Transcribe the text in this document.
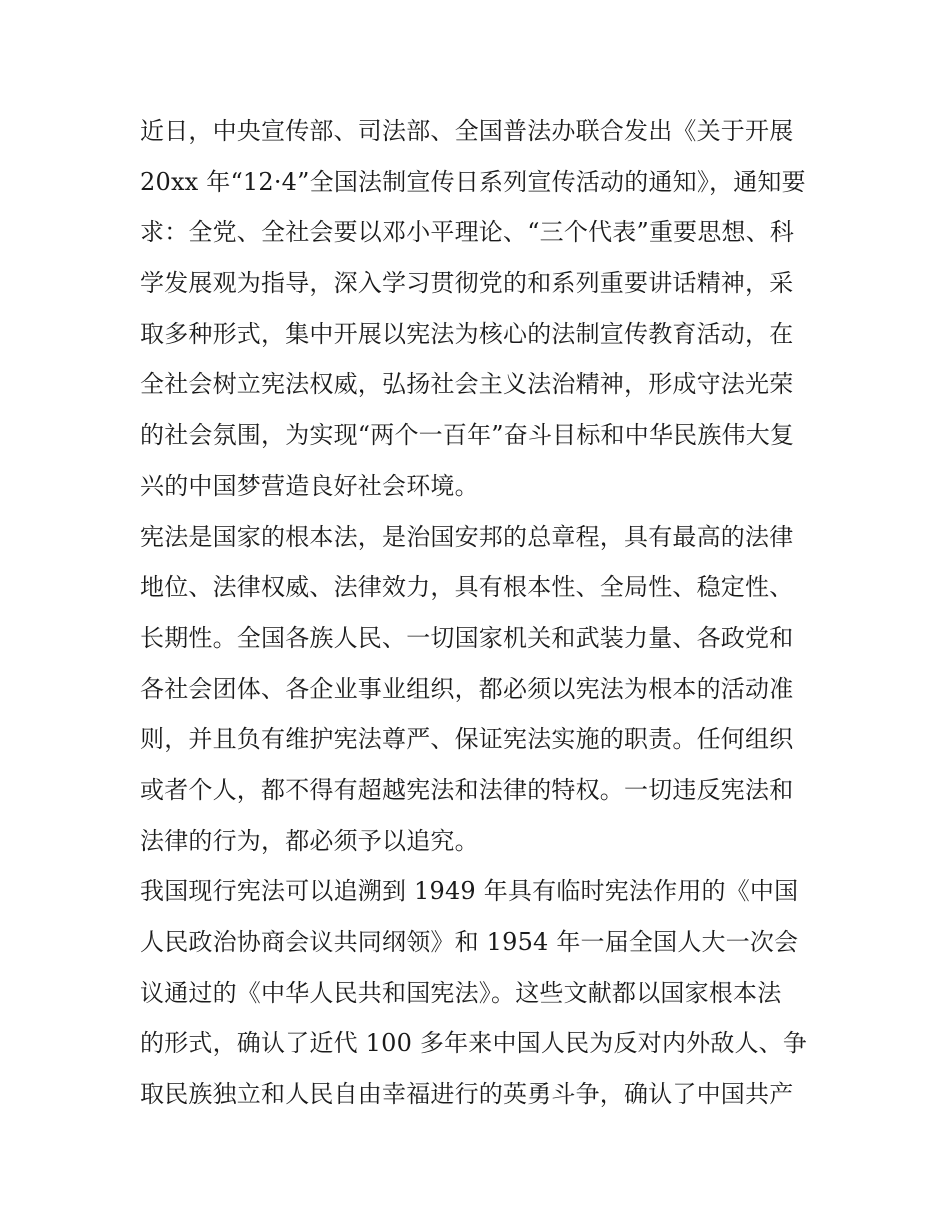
近日，中央宣传部、司法部、全国普法办联合发出《关于开展
20xx 年“12·4”全国法制宣传日系列宣传活动的通知》，通知要
求：全党、全社会要以邓小平理论、“三个代表”重要思想、科
学发展观为指导，深入学习贯彻党的和系列重要讲话精神，采
取多种形式，集中开展以宪法为核心的法制宣传教育活动，在
全社会树立宪法权威，弘扬社会主义法治精神，形成守法光荣
的社会氛围，为实现“两个一百年”奋斗目标和中华民族伟大复
兴的中国梦营造良好社会环境。
宪法是国家的根本法，是治国安邦的总章程，具有最高的法律
地位、法律权威、法律效力，具有根本性、全局性、稳定性、
长期性。全国各族人民、一切国家机关和武装力量、各政党和
各社会团体、各企业事业组织，都必须以宪法为根本的活动准
则，并且负有维护宪法尊严、保证宪法实施的职责。任何组织
或者个人，都不得有超越宪法和法律的特权。一切违反宪法和
法律的行为，都必须予以追究。
我国现行宪法可以追溯到 1949 年具有临时宪法作用的《中国
人民政治协商会议共同纲领》和 1954 年一届全国人大一次会
议通过的《中华人民共和国宪法》。这些文献都以国家根本法
的形式，确认了近代 100 多年来中国人民为反对内外敌人、争
取民族独立和人民自由幸福进行的英勇斗争，确认了中国共产
